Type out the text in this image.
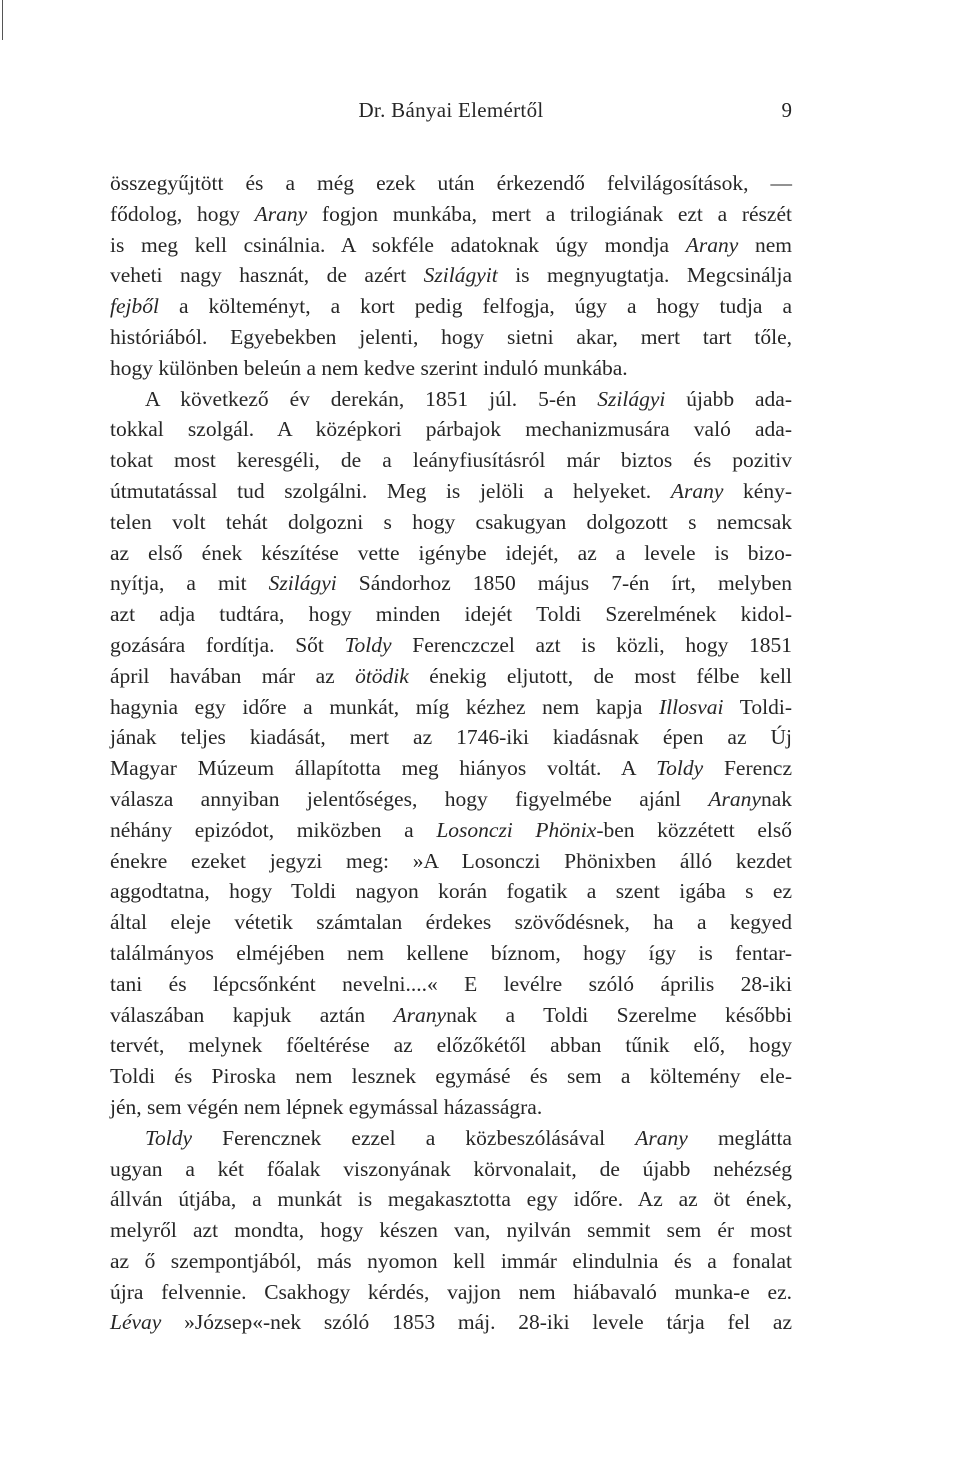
Dr. Bányai Elemértől	9
összegyűjtött és a még ezek után érkezendő felvilágosítások, —
fődolog, hogy Arany fogjon munkába, mert a trilogiának ezt a részét
is meg kell csinálnia. A sokféle adatoknak úgy mondja Arany nem
veheti nagy hasznát, de azért Szilágyit is megnyugtatja. Megcsinálja
fejből a költeményt, a kort pedig felfogja, úgy a hogy tudja a
históriából. Egyebekben jelenti, hogy sietni akar, mert tart tőle,
hogy különben beleún a nem kedve szerint induló munkába.
A következő év derekán, 1851 júl. 5-én Szilágyi újabb ada-
tokkal szolgál. A középkori párbajok mechanizmusára való ada-
tokat most keresgéli, de a leányfiusításról már biztos és pozitiv
útmutatással tud szolgálni. Meg is jelöli a helyeket. Arany kény-
telen volt tehát dolgozni s hogy csakugyan dolgozott s nemcsak
az első ének készítése vette igénybe idejét, az a levele is bizo-
nyítja, a mit Szilágyi Sándorhoz 1850 május 7-én írt, melyben
azt adja tudtára, hogy minden idejét Toldi Szerelmének kidol-
gozására fordítja. Sőt Toldy Ferenczczel azt is közli, hogy 1851
ápril havában már az ötödik énekig eljutott, de most félbe kell
hagynia egy időre a munkát, míg kézhez nem kapja Illosvai Toldi-
jának teljes kiadását, mert az 1746-iki kiadásnak épen az Új
Magyar Múzeum állapította meg hiányos voltát. A Toldy Ferencz
válasza annyiban jelentőséges, hogy figyelmébe ajánl Aranynak
néhány epizódot, miközben a Losonczi Phönix-ben közzétett első
énekre ezeket jegyzi meg: »A Losonczi Phönixben álló kezdet
aggodtatna, hogy Toldi nagyon korán fogatik a szent igába s ez
által eleje vétetik számtalan érdekes szövődésnek, ha a kegyed
találmányos elméjében nem kellene bíznom, hogy így is fentar-
tani és lépcsőnként nevelni....« E levélre szóló április 28-iki
válaszában kapjuk aztán Aranynak a Toldi Szerelme későbbi
tervét, melynek főeltérése az előzőkétől abban tűnik elő, hogy
Toldi és Piroska nem lesznek egymásé és sem a költemény ele-
jén, sem végén nem lépnek egymással házasságra.
Toldy Ferencznek ezzel a közbeszólásával Arany meglátta
ugyan a két főalak viszonyának körvonalait, de újabb nehézség
állván útjába, a munkát is megakasztotta egy időre. Az az öt ének,
melyről azt mondta, hogy készen van, nyilván semmit sem ér most
az ő szempontjából, más nyomon kell immár elindulnia és a fonalat
újra felvennie. Csakhogy kérdés, vajjon nem hiábavaló munka-e ez.
Lévay »Józsep«-nek szóló 1853 máj. 28-iki levele tárja fel az
